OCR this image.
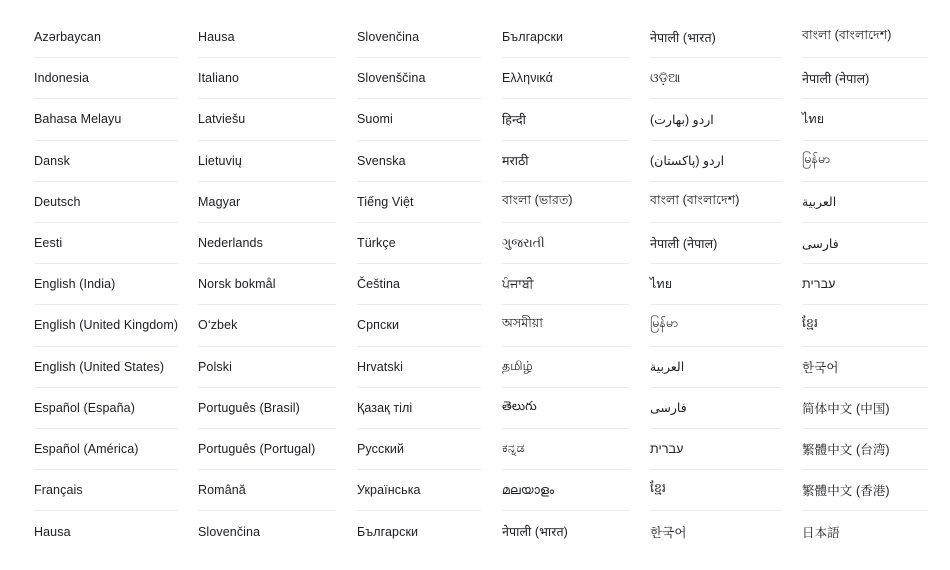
Azərbaycan
Indonesia
Bahasa Melayu
Dansk
Deutsch
Eesti
English (India)
English (United Kingdom)
English (United States)
Español (España)
Español (América)
Français
Hausa
Hausa
Italiano
Latviešu
Lietuvių
Magyar
Nederlands
Norsk bokmål
O‘zbek
Polski
Português (Brasil)
Português (Portugal)
Română
Slovenčina
Slovenčina
Slovenščina
Suomi
Svenska
Tiếng Việt
Türkçe
Čeština
Српски
Hrvatski
Қазақ тілі
Русский
Українська
Български
Български
Ελληνικά
हिन्दी
मराठी
বাংলা (ভারত)
ગુજરાતી
ਪੰਜਾਬੀ
অসমীয়া
தமிழ்
తెలుగు
ಕನ್ನಡ
മലയാളം
नेपाली (भारत)
नेपाली (भारत)
ଓଡ଼ିଆ
اردو (بھارت)
اردو (پاکستان)
বাংলা (বাংলাদেশ)
नेपाली (नेपाल)
ไทย
မြန်မာ
العربية
فارسی
עברית
ខ្មែរ
한국어
বাংলা (বাংলাদেশ)
नेपाली (नेपाल)
ไทย
မြန်မာ
العربية
فارسی
עברית
ខ្មែរ
한국어
简体中文 (中国)
繁體中文 (台湾)
繁體中文 (香港)
日本語
